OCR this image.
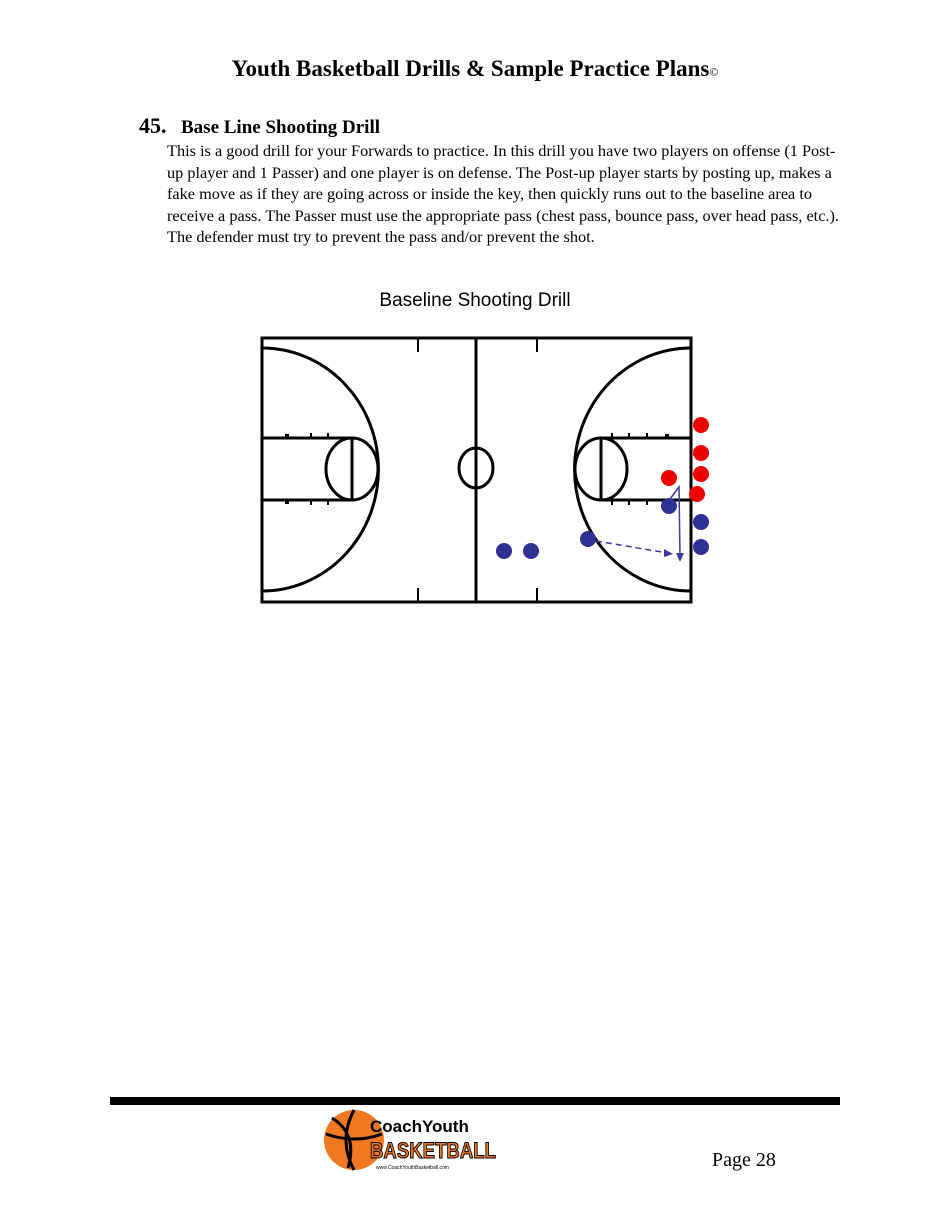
Youth Basketball Drills & Sample Practice Plans©
45. Base Line Shooting Drill
This is a good drill for your Forwards to practice. In this drill you have two players on offense (1 Post-up player and 1 Passer) and one player is on defense. The Post-up player starts by posting up, makes a fake move as if they are going across or inside the key, then quickly runs out to the baseline area to receive a pass. The Passer must use the appropriate pass (chest pass, bounce pass, over head pass, etc.). The defender must try to prevent the pass and/or prevent the shot.
Baseline Shooting Drill
CoachYouth
BASKETBALL
www.CoachYouthBasketball.com	Page 28
